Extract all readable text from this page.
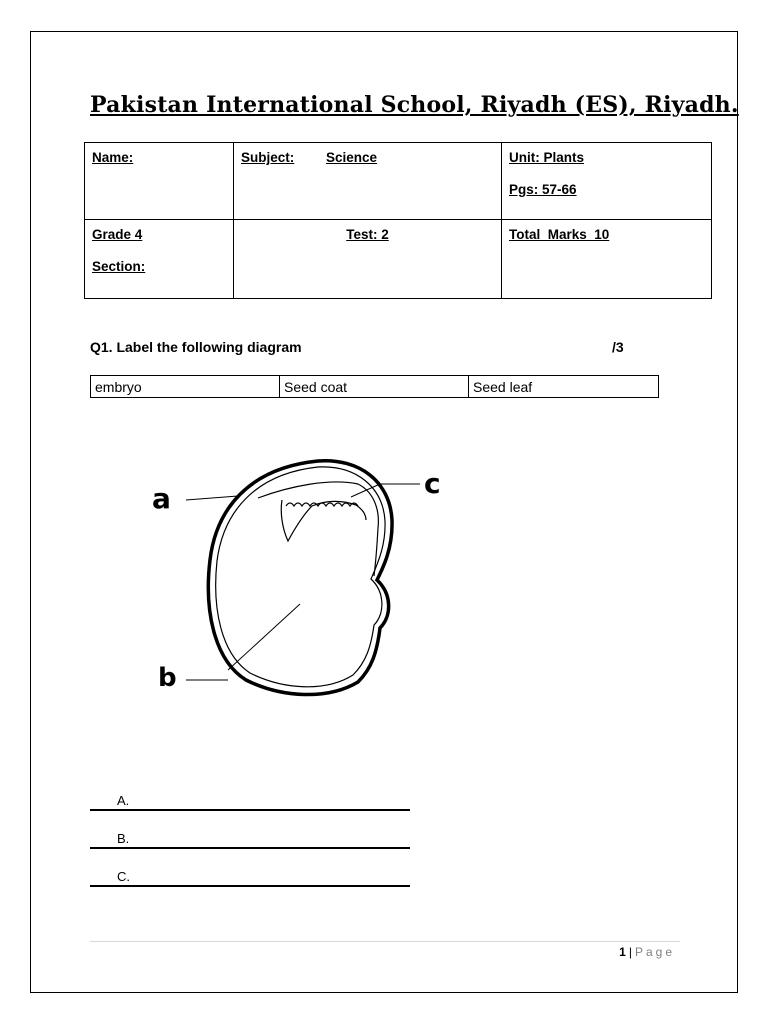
Pakistan International School, Riyadh (ES), Riyadh.
Name:	Subject: Science	Unit: Plants
Pgs: 57-66

Grade 4
Section:	Test: 2	Total  Marks  10
Q1. Label the following diagram	/3
embryo	Seed coat	Seed leaf
a	c
b
A.
B.
C.
1 | Page
